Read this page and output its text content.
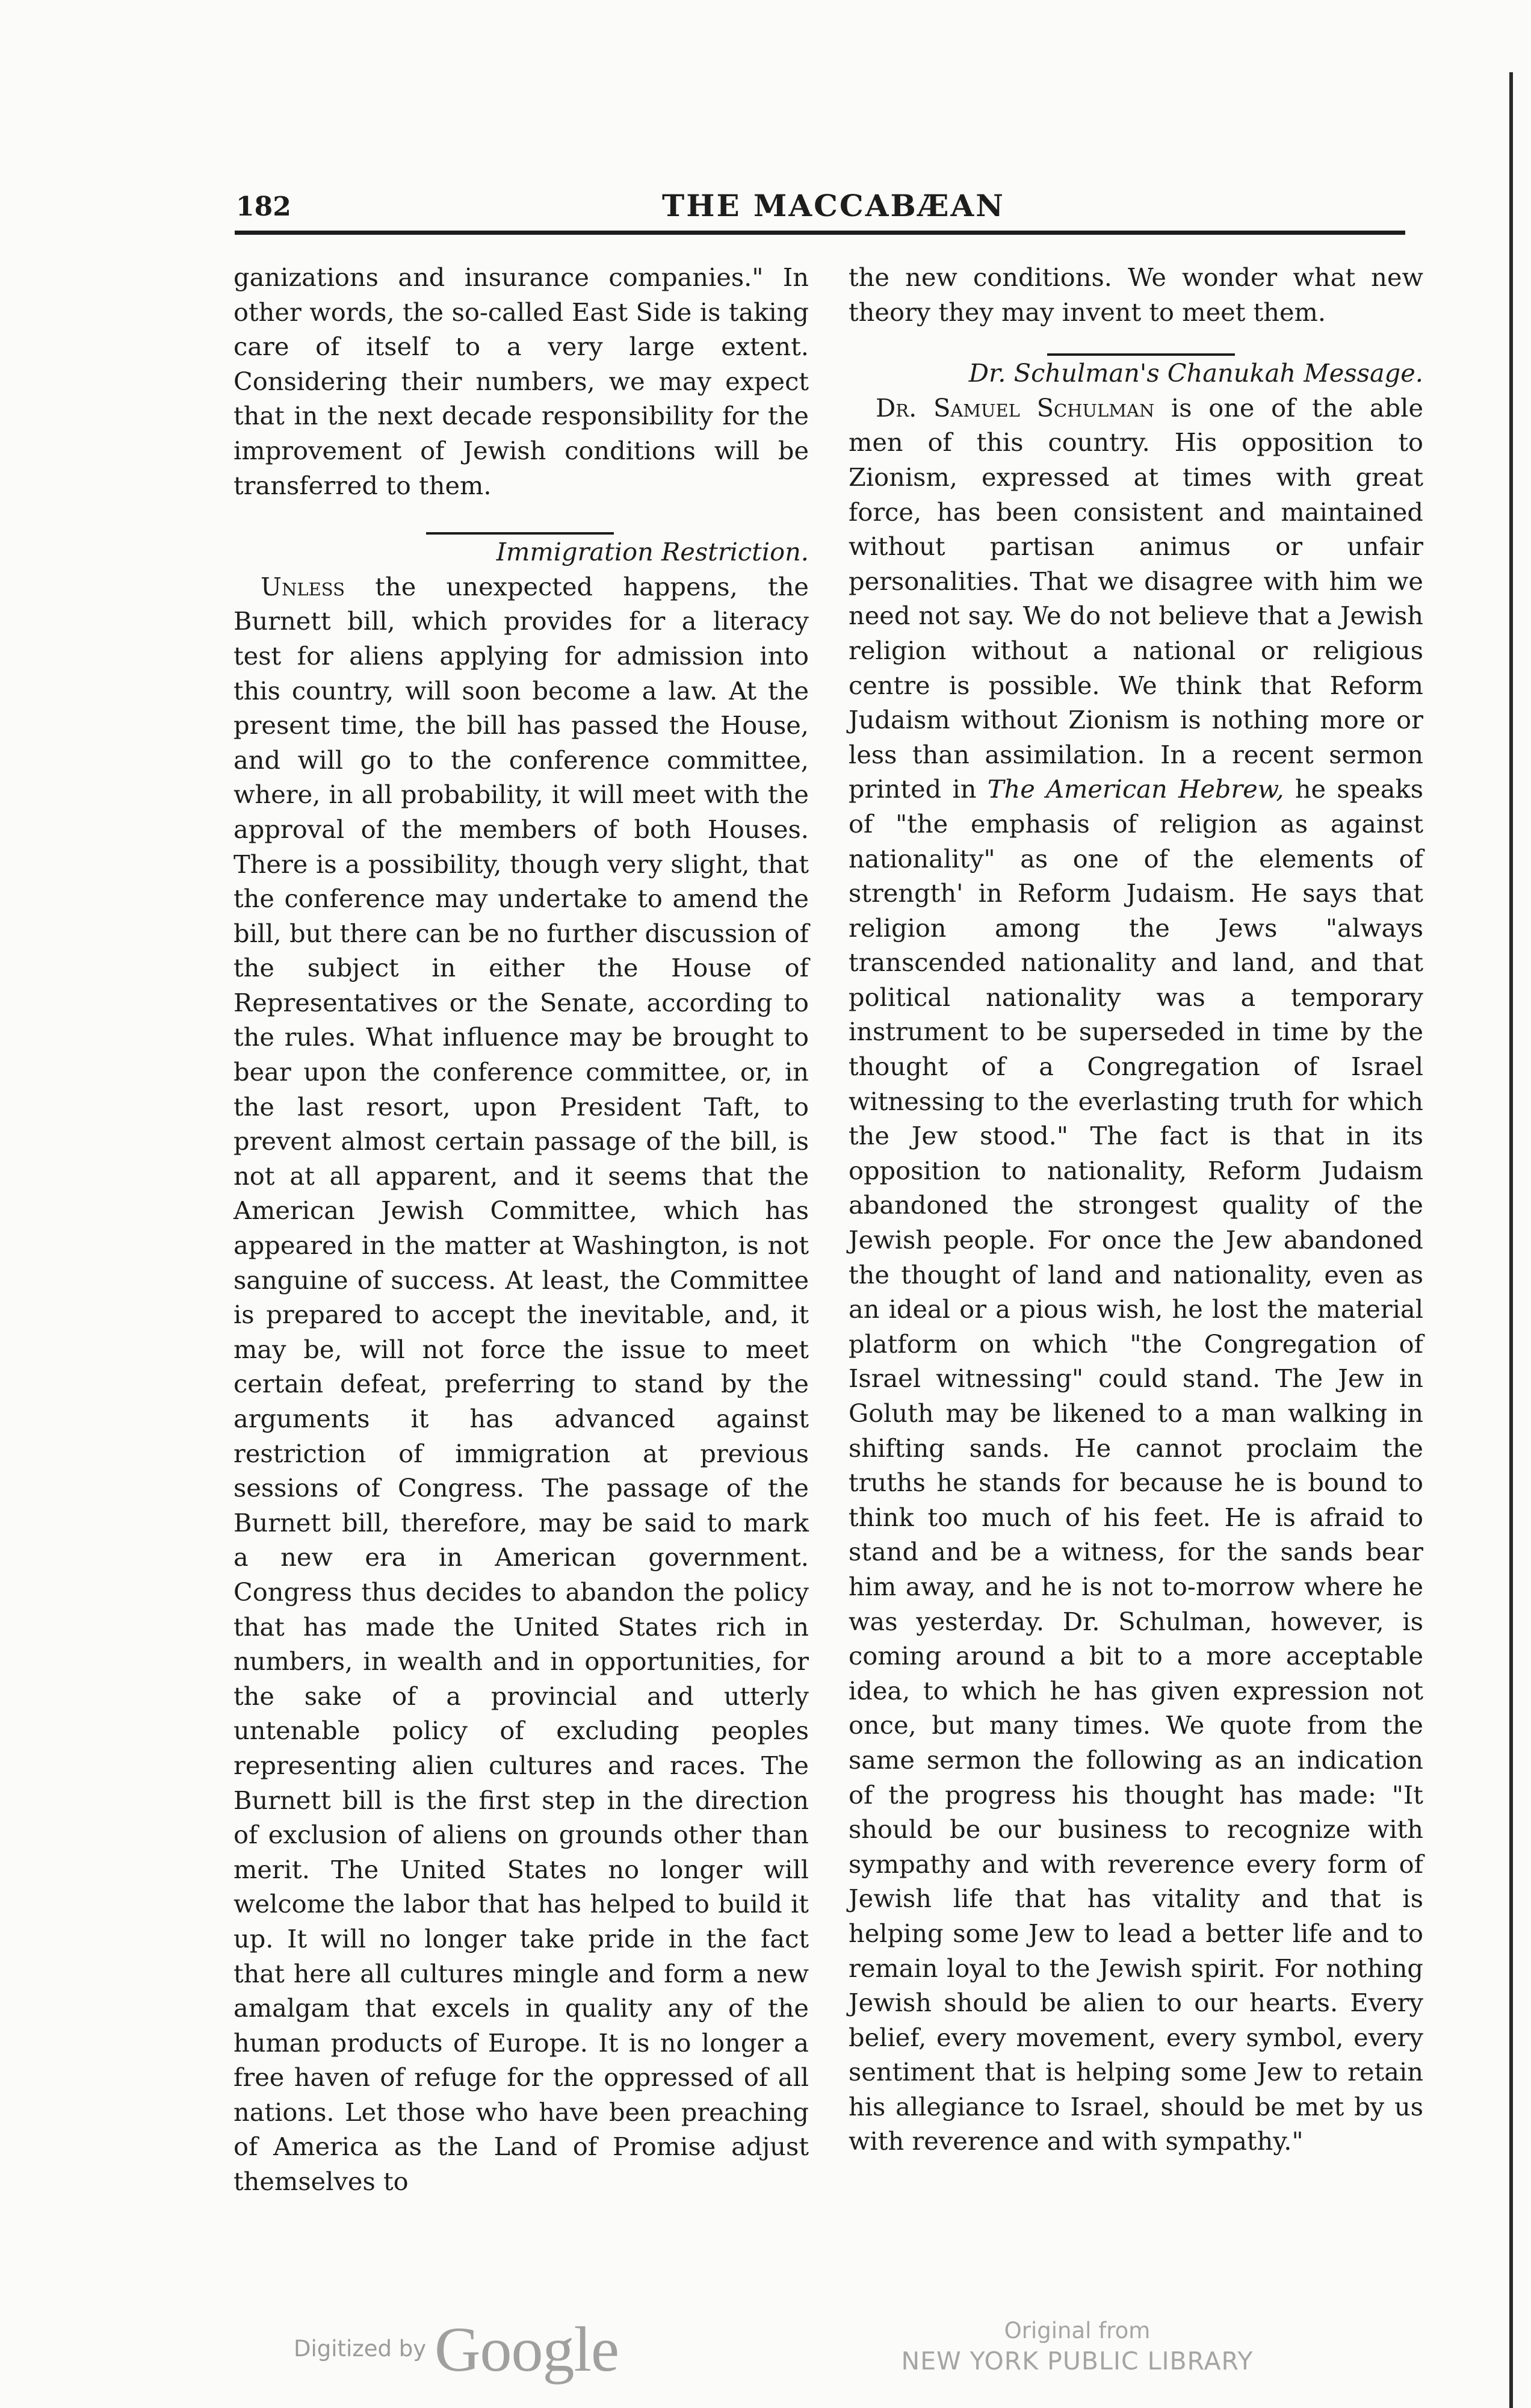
182	THE MACCABÆAN

ganizations and insurance companies." In other words, the so-called East Side is taking care of itself to a very large extent. Considering their numbers, we may expect that in the next decade responsibility for the improvement of Jewish conditions will be transferred to them.

Immigration Restriction.

Unless the unexpected happens, the Burnett bill, which provides for a literacy test for aliens applying for admission into this country, will soon become a law. At the present time, the bill has passed the House, and will go to the conference committee, where, in all probability, it will meet with the approval of the members of both Houses. There is a possibility, though very slight, that the conference may undertake to amend the bill, but there can be no further discussion of the subject in either the House of Representatives or the Senate, according to the rules. What influence may be brought to bear upon the conference committee, or, in the last resort, upon President Taft, to prevent almost certain passage of the bill, is not at all apparent, and it seems that the American Jewish Committee, which has appeared in the matter at Washington, is not sanguine of success. At least, the Committee is prepared to accept the inevitable, and, it may be, will not force the issue to meet certain defeat, preferring to stand by the arguments it has advanced against restriction of immigration at previous sessions of Congress. The passage of the Burnett bill, therefore, may be said to mark a new era in American government. Congress thus decides to abandon the policy that has made the United States rich in numbers, in wealth and in opportunities, for the sake of a provincial and utterly untenable policy of excluding peoples representing alien cultures and races. The Burnett bill is the first step in the direction of exclusion of aliens on grounds other than merit. The United States no longer will welcome the labor that has helped to build it up. It will no longer take pride in the fact that here all cultures mingle and form a new amalgam that excels in quality any of the human products of Europe. It is no longer a free haven of refuge for the oppressed of all nations. Let those who have been preaching of America as the Land of Promise adjust themselves to

the new conditions. We wonder what new theory they may invent to meet them.

Dr. Schulman's Chanukah Message.

Dr. Samuel Schulman is one of the able men of this country. His opposition to Zionism, expressed at times with great force, has been consistent and maintained without partisan animus or unfair personalities. That we disagree with him we need not say. We do not believe that a Jewish religion without a national or religious centre is possible. We think that Reform Judaism without Zionism is nothing more or less than assimilation. In a recent sermon printed in The American Hebrew, he speaks of "the emphasis of religion as against nationality" as one of the elements of strength' in Reform Judaism. He says that religion among the Jews "always transcended nationality and land, and that political nationality was a temporary instrument to be superseded in time by the thought of a Congregation of Israel witnessing to the everlasting truth for which the Jew stood." The fact is that in its opposition to nationality, Reform Judaism abandoned the strongest quality of the Jewish people. For once the Jew abandoned the thought of land and nationality, even as an ideal or a pious wish, he lost the material platform on which "the Congregation of Israel witnessing" could stand. The Jew in Goluth may be likened to a man walking in shifting sands. He cannot proclaim the truths he stands for because he is bound to think too much of his feet. He is afraid to stand and be a witness, for the sands bear him away, and he is not to-morrow where he was yesterday. Dr. Schulman, however, is coming around a bit to a more acceptable idea, to which he has given expression not once, but many times. We quote from the same sermon the following as an indication of the progress his thought has made: "It should be our business to recognize with sympathy and with reverence every form of Jewish life that has vitality and that is helping some Jew to lead a better life and to remain loyal to the Jewish spirit. For nothing Jewish should be alien to our hearts. Every belief, every movement, every symbol, every sentiment that is helping some Jew to retain his allegiance to Israel, should be met by us with reverence and with sympathy."

Digitized by Google	Original from
NEW YORK PUBLIC LIBRARY
